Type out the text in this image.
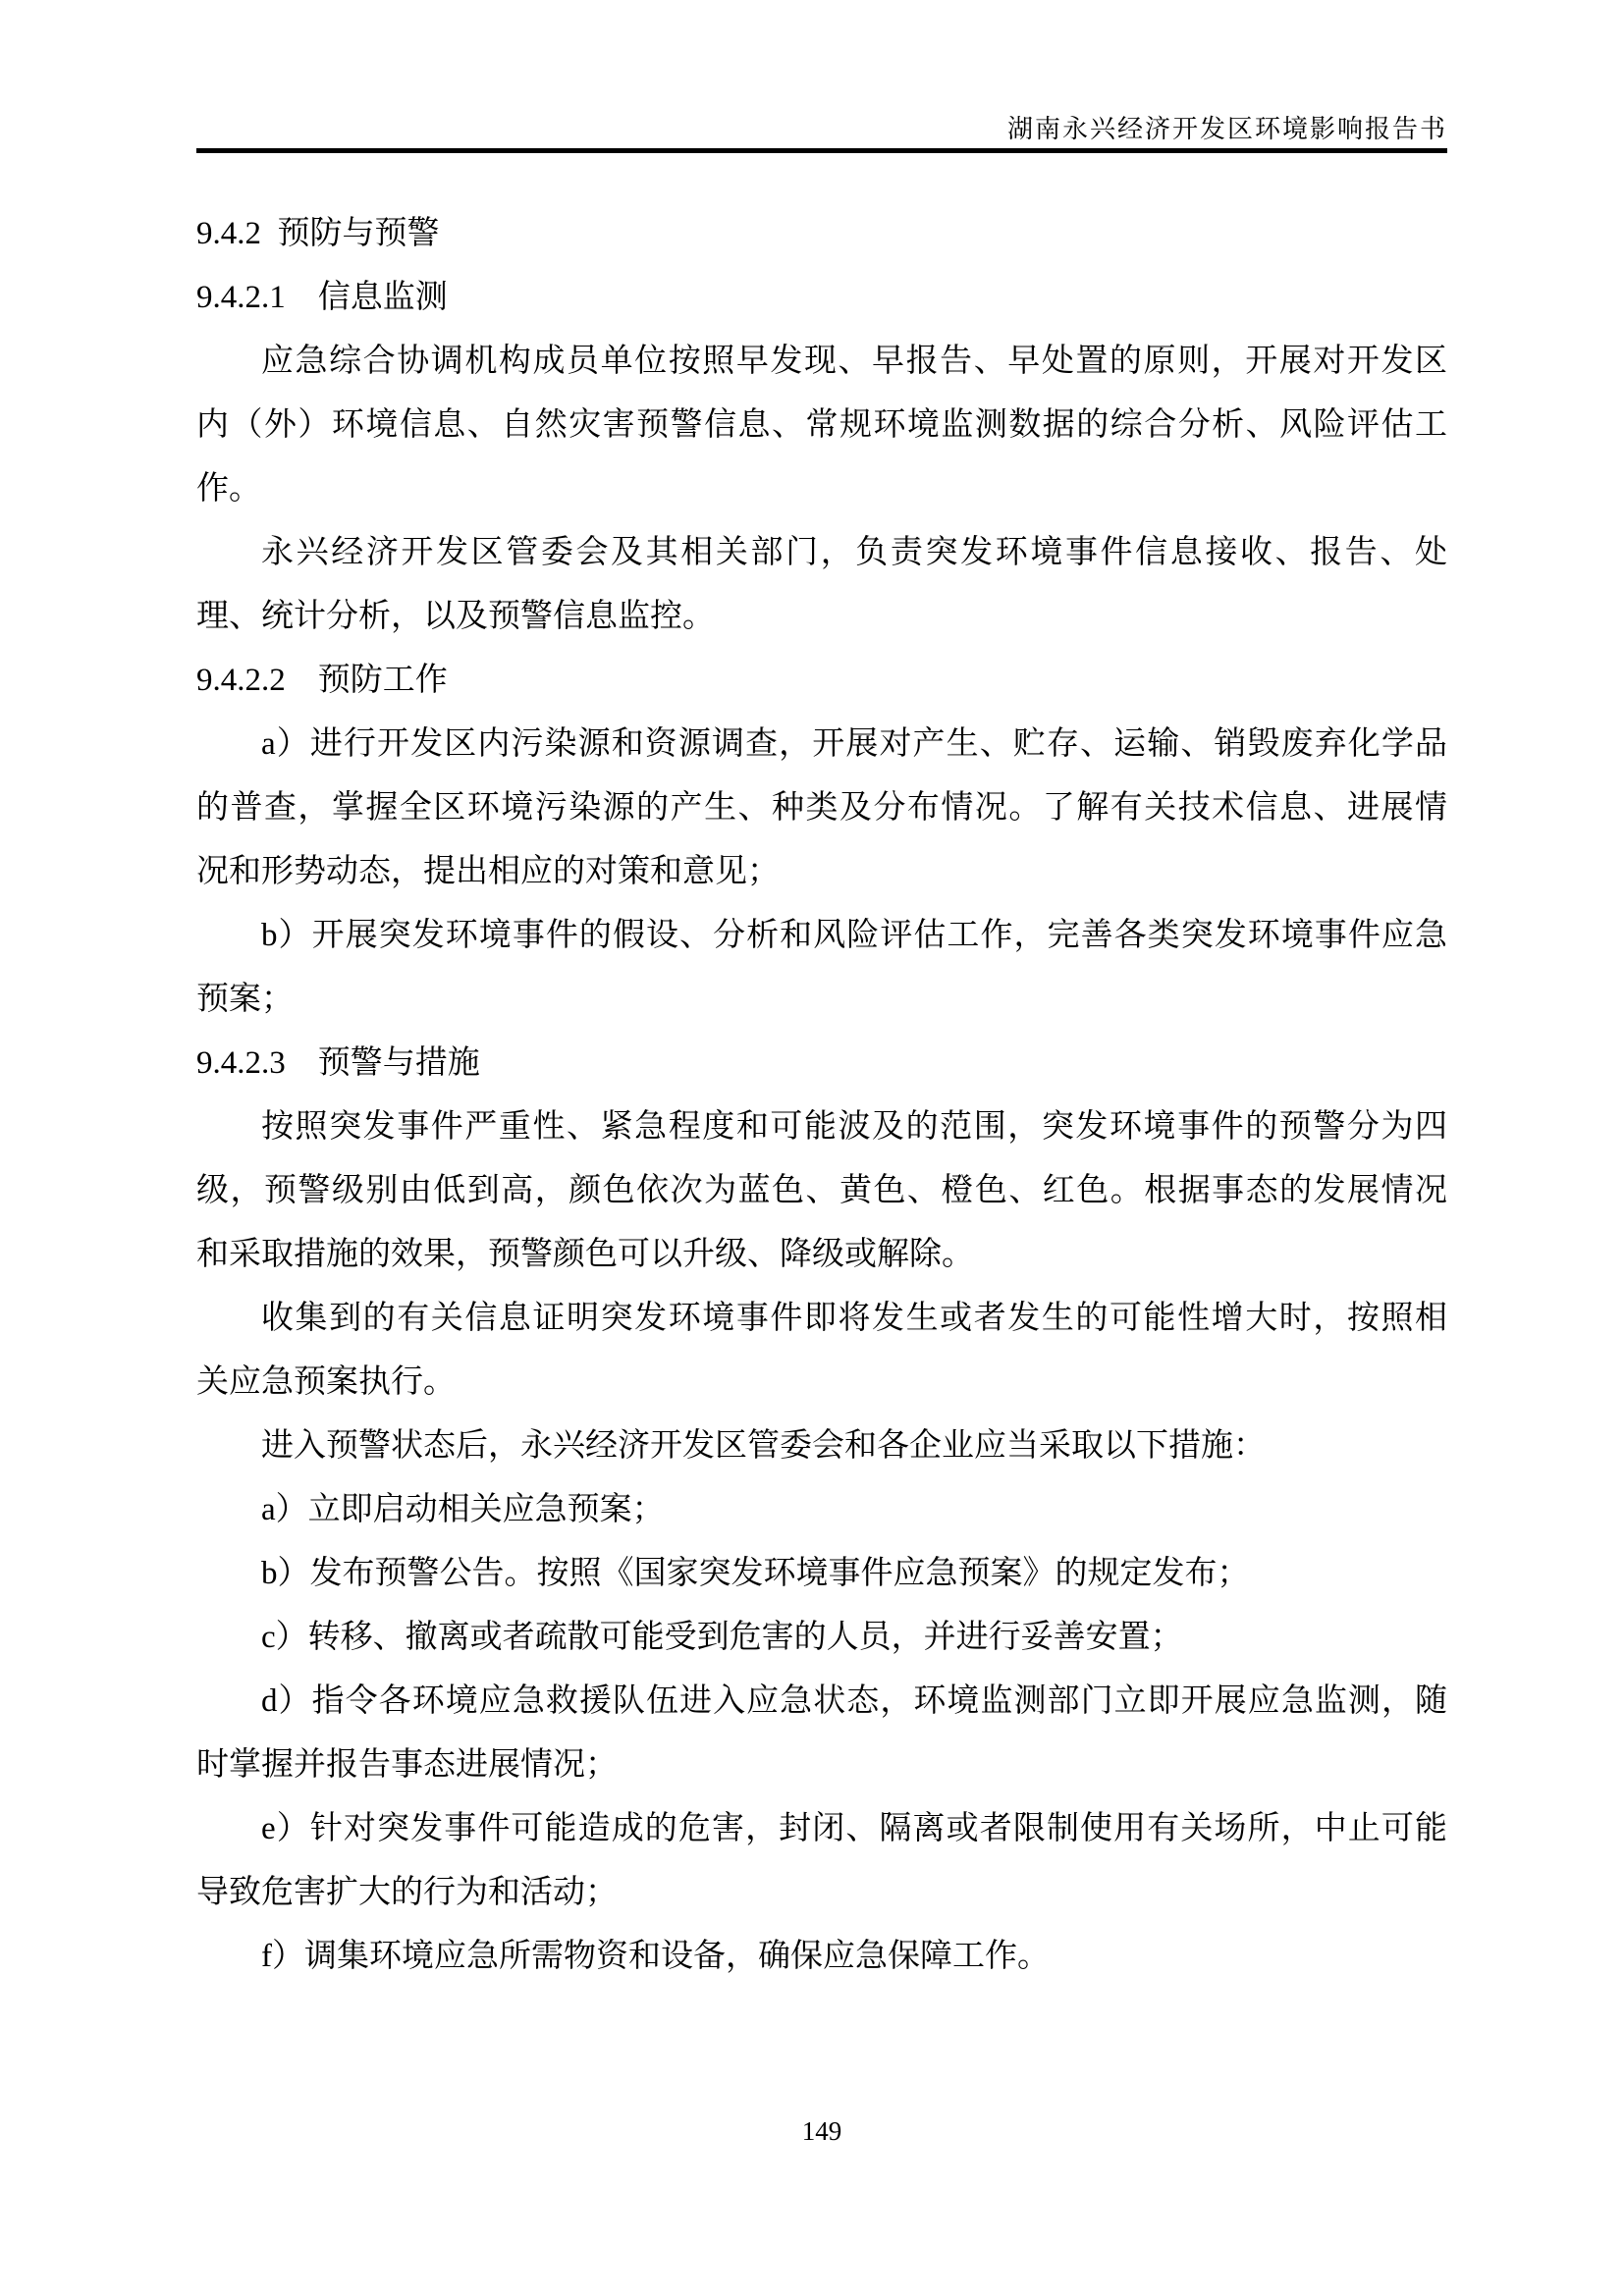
湖南永兴经济开发区环境影响报告书
9.4.2  预防与预警
9.4.2.1　信息监测
应急综合协调机构成员单位按照早发现、早报告、早处置的原则，开展对开发区
内（外）环境信息、自然灾害预警信息、常规环境监测数据的综合分析、风险评估工
作。
永兴经济开发区管委会及其相关部门，负责突发环境事件信息接收、报告、处
理、统计分析，以及预警信息监控。
9.4.2.2　预防工作
a）进行开发区内污染源和资源调查，开展对产生、贮存、运输、销毁废弃化学品
的普查，掌握全区环境污染源的产生、种类及分布情况。了解有关技术信息、进展情
况和形势动态，提出相应的对策和意见；
b）开展突发环境事件的假设、分析和风险评估工作，完善各类突发环境事件应急
预案；
9.4.2.3　预警与措施
按照突发事件严重性、紧急程度和可能波及的范围，突发环境事件的预警分为四
级，预警级别由低到高，颜色依次为蓝色、黄色、橙色、红色。根据事态的发展情况
和采取措施的效果，预警颜色可以升级、降级或解除。
收集到的有关信息证明突发环境事件即将发生或者发生的可能性增大时，按照相
关应急预案执行。
进入预警状态后，永兴经济开发区管委会和各企业应当采取以下措施：
a）立即启动相关应急预案；
b）发布预警公告。按照《国家突发环境事件应急预案》的规定发布；
c）转移、撤离或者疏散可能受到危害的人员，并进行妥善安置；
d）指令各环境应急救援队伍进入应急状态，环境监测部门立即开展应急监测，随
时掌握并报告事态进展情况；
e）针对突发事件可能造成的危害，封闭、隔离或者限制使用有关场所，中止可能
导致危害扩大的行为和活动；
f）调集环境应急所需物资和设备，确保应急保障工作。
149
